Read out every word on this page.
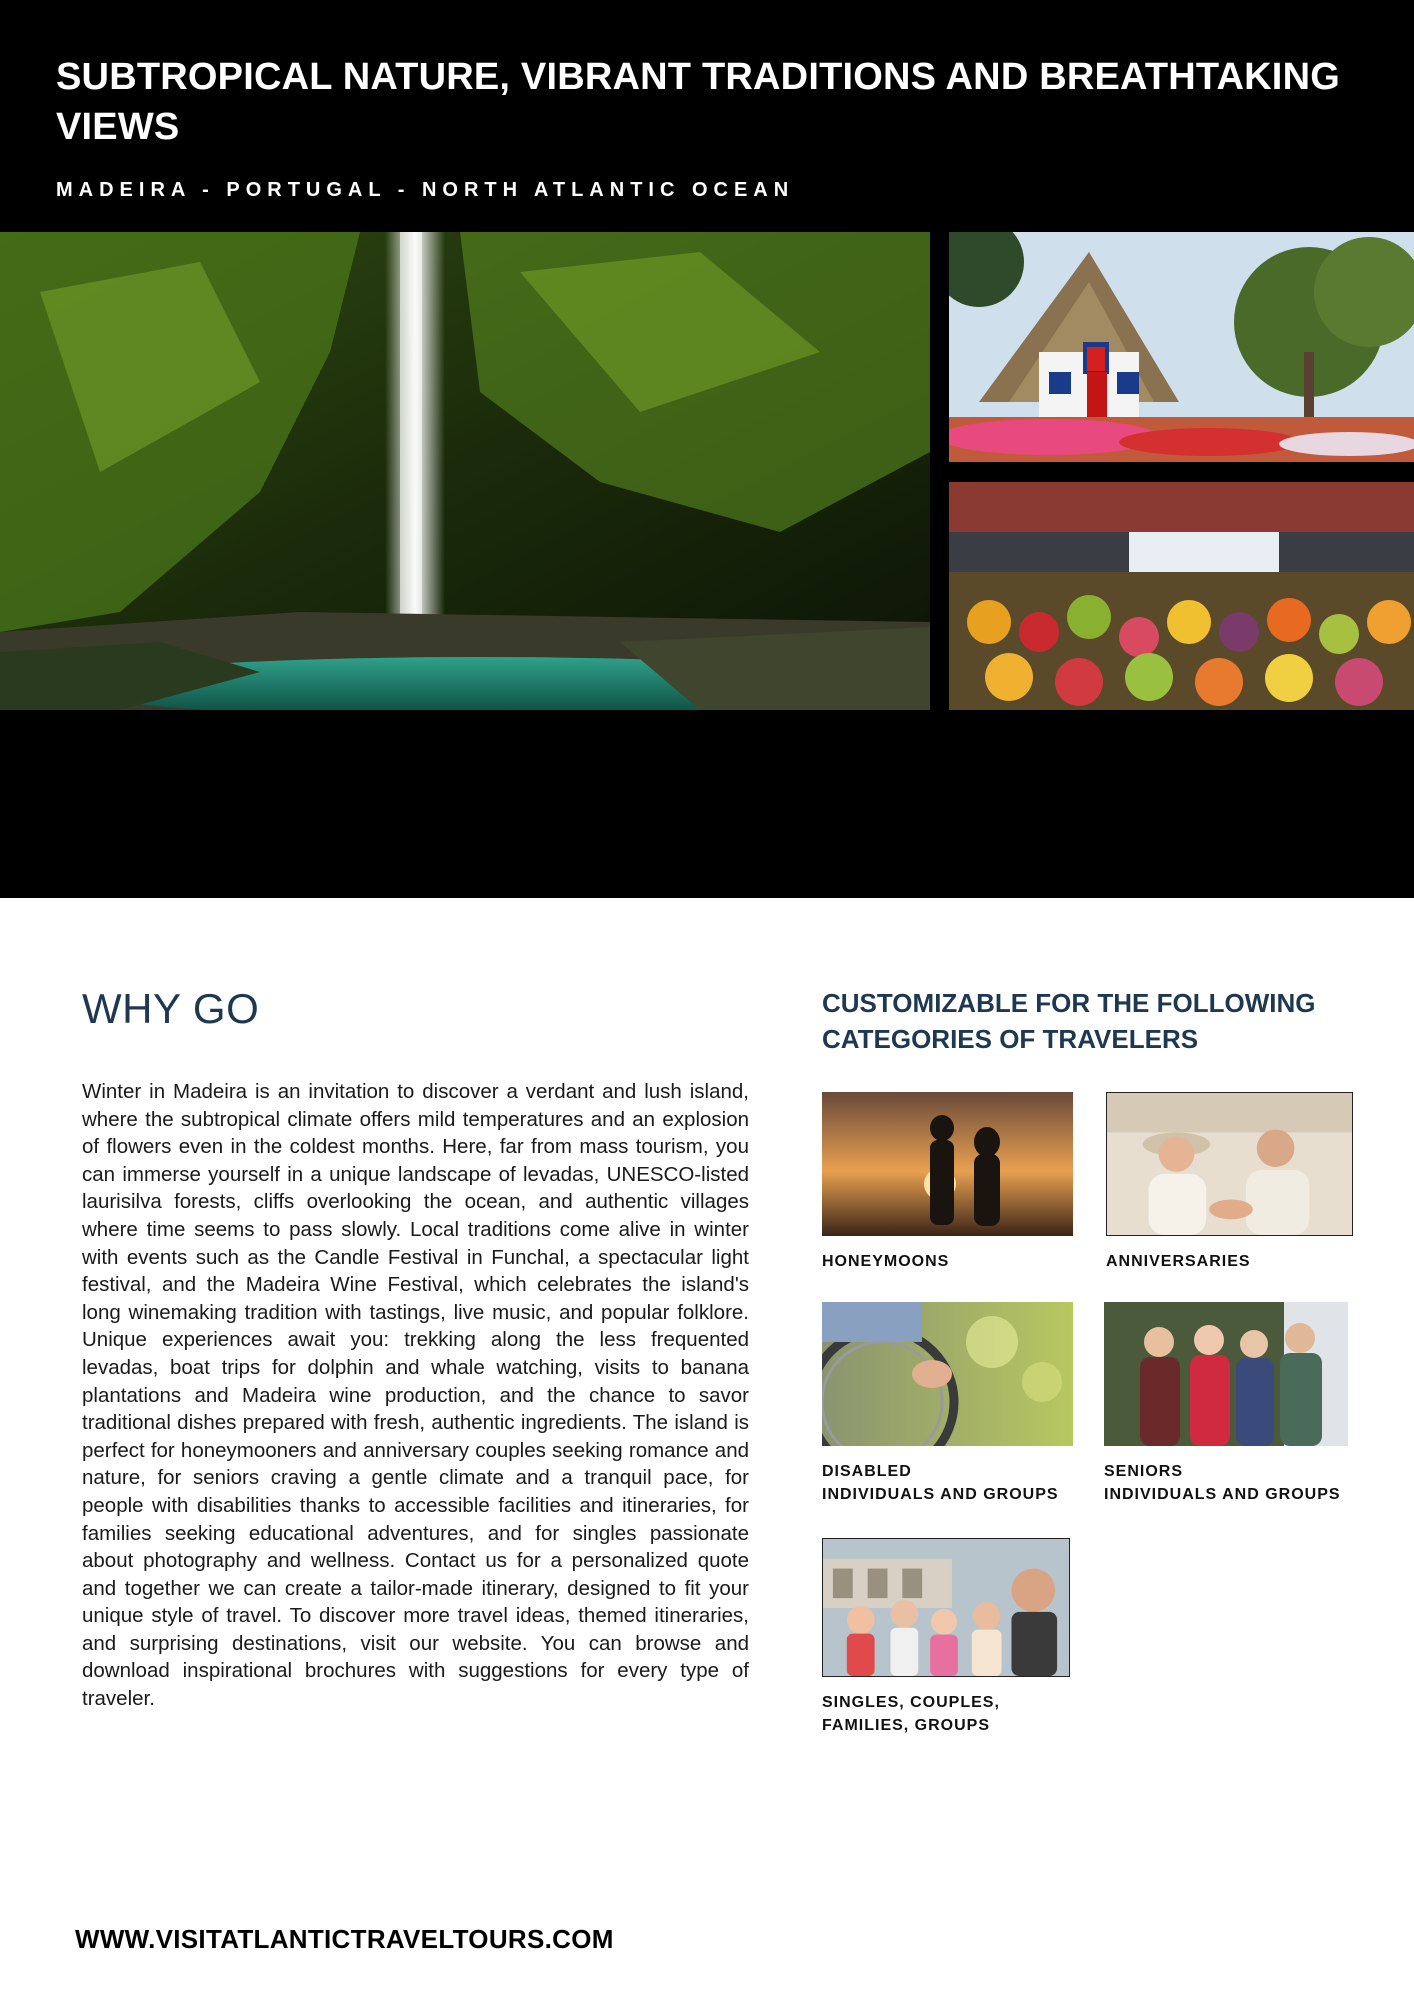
SUBTROPICAL NATURE, VIBRANT TRADITIONS AND BREATHTAKING VIEWS

MADEIRA - PORTUGAL - NORTH ATLANTIC OCEAN

WHY GO

Winter in Madeira is an invitation to discover a verdant and lush island, where the subtropical climate offers mild temperatures and an explosion of flowers even in the coldest months. Here, far from mass tourism, you can immerse yourself in a unique landscape of levadas, UNESCO-listed laurisilva forests, cliffs overlooking the ocean, and authentic villages where time seems to pass slowly. Local traditions come alive in winter with events such as the Candle Festival in Funchal, a spectacular light festival, and the Madeira Wine Festival, which celebrates the island's long winemaking tradition with tastings, live music, and popular folklore. Unique experiences await you: trekking along the less frequented levadas, boat trips for dolphin and whale watching, visits to banana plantations and Madeira wine production, and the chance to savor traditional dishes prepared with fresh, authentic ingredients. The island is perfect for honeymooners and anniversary couples seeking romance and nature, for seniors craving a gentle climate and a tranquil pace, for people with disabilities thanks to accessible facilities and itineraries, for families seeking educational adventures, and for singles passionate about photography and wellness. Contact us for a personalized quote and together we can create a tailor-made itinerary, designed to fit your unique style of travel. To discover more travel ideas, themed itineraries, and surprising destinations, visit our website. You can browse and download inspirational brochures with suggestions for every type of traveler.

CUSTOMIZABLE FOR THE FOLLOWING CATEGORIES OF TRAVELERS

HONEYMOONS	ANNIVERSARIES

DISABLED
INDIVIDUALS AND GROUPS

SENIORS
INDIVIDUALS AND GROUPS

SINGLES, COUPLES,
FAMILIES, GROUPS

WWW.VISITATLANTICTRAVELTOURS.COM
